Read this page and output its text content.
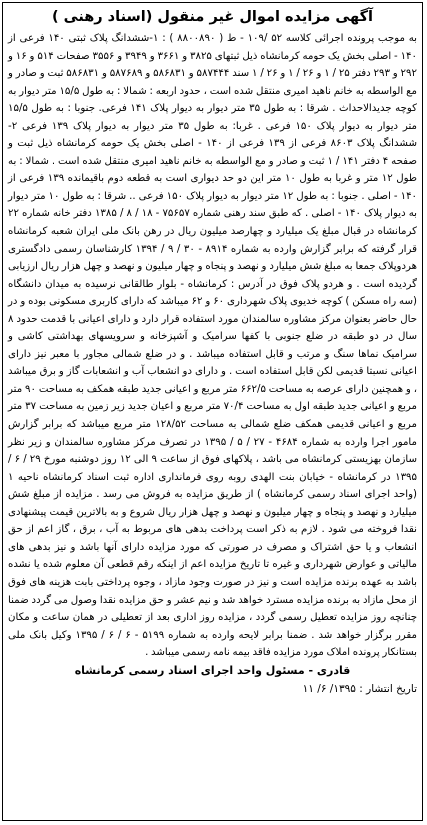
آگهی مزایده اموال غیر منقول (اسناد رهنی )

به موجب پرونده اجرائی کلاسه ۵۲ /۱۰۹ - ط ( ۸۸۰۰۸۹۰ ) : ۱-ششدانگ پلاک ثبتی ۱۴۰ فرعی از ۱۴۰ - اصلی بخش یک حومه کرمانشاه ذیل ثبتهای ۳۸۲۵ و ۳۶۶۱ و ۳۹۴۹ و ۳۵۵۶ صفحات ۵۱۴ و ۱۶ و ۲۹۲ و ۲۹۳ دفتر ۲۵ / ۱ و ۲۶ / ۱ و ۲۶ / ۱ سند ۵۸۷۴۴۴ و ۵۸۶۸۳۱ و ۵۸۷۶۸۹ و ۵۸۶۸۳۱ ثبت و صادر و مع الواسطه به خانم ناهید امیری منتقل شده است ، حدود اربعه : شمالا : به طول ۱۵/۵ متر دیوار به کوچه جدیدالاحداث . شرقا : به طول ۳۵ متر دیوار به دیوار پلاک ۱۴۱ فرعی. جنوبا : به طول ۱۵/۵ متر دیوار به دیوار پلاک ۱۵۰ فرعی . غربا: به طول ۳۵ متر دیوار به دیوار پلاک ۱۳۹ فرعی ۲- ششدانگ پلاک ۸۶۰۳ فرعی از ۱۳۹ فرعی از ۱۴۰ - اصلی بخش یک حومه کرمانشاه ذیل ثبت و صفحه ۴ دفتر ۱۴۱ / ۱ ثبت و صادر و مع الواسطه به خانم ناهید امیری منتقل شده است . شمالا : به طول ۱۲ متر و غربا به طول ۱۰ متر این دو حد دیواری است به قطعه دوم باقیمانده ۱۳۹ فرعی از ۱۴۰ - اصلی . جنوبا : به طول ۱۲ متر دیوار به دیوار پلاک ۱۵۰ فرعی .. شرقا : به طول ۱۰ متر دیوار به دیوار پلاک ۱۴۰ - اصلی . که طبق سند رهنی شماره ۷۵۶۵۷ - ۱۸ / ۸ / ۱۳۸۵ دفتر خانه شماره ۲۲ کرمانشاه در قبال مبلغ یک میلیارد و چهارصد میلیون ریال در رهن بانک ملی ایران شعبه کرمانشاه قرار گرفته که برابر گزارش وارده به شماره ۸۹۱۴ - ۳۰ / ۹ / ۱۳۹۴ کارشناسان رسمی دادگستری هردوپلاک جمعا به مبلغ شش میلیارد و نهصد و پنجاه و چهار میلیون و نهصد و چهل هزار ریال ارزیابی گردیده است . و هردو پلاک فوق در آدرس : کرمانشاه - بلوار طالقانی نرسیده به میدان دانشگاه (سه راه مسکن ) کوچه خدیوی پلاک شهرداری ۶۰ و ۶۲ میباشد که دارای کاربری مسکونی بوده و در حال حاضر بعنوان مرکز مشاوره سالمندان مورد استفاده قرار دارد و دارای اعیانی با قدمت حدود ۸ سال در دو طبقه در ضلع جنوبی با کفها سرامیک و آشپزخانه و سرویسهای بهداشتی کاشی و سرامیک نماها سنگ و مرتب و قابل استفاده میباشد . و در ضلع شمالی مجاور با معبر نیز دارای اعیانی نسبتا قدیمی لکن قابل استفاده است . و دارای دو انشعاب آب و انشعابات گاز و برق میباشد ، و همچنین دارای عرصه به مساحت ۶۶۲/۵ متر مربع و اعیانی جدید طبقه همکف به مساحت ۹۰ متر مربع و اعیانی جدید طبقه اول به مساحت ۷۰/۴ متر مربع و اعیان جدید زیر زمین به مساحت ۳۷ متر مربع و اعیانی قدیمی همکف ضلع شمالی به مساحت ۱۲۸/۵۲ متر مربع میباشد که برابر گزارش مامور اجرا وارده به شماره ۴۶۸۴ - ۲۷ / ۵ / ۱۳۹۵ در تصرف مرکز مشاوره سالمندان و زیر نظر سازمان بهزیستی کرمانشاه می باشد ، پلاکهای فوق از ساعت ۹ الی ۱۲ روز دوشنبه مورخ ۲۹ / ۶ / ۱۳۹۵ در کرمانشاه - خیابان بنت الهدی روبه روی فرمانداری اداره ثبت اسناد کرمانشاه ناحیه ۱ (واحد اجرای اسناد رسمی کرمانشاه ) از طریق مزایده به فروش می رسد . مزایده از مبلغ شش میلیارد و نهصد و پنجاه و چهار میلیون و نهصد و چهل هزار ریال شروع و به بالاترین قیمت پیشنهادی نقدا فروخته می شود . لازم به ذکر است پرداخت بدهی های مربوط به آب ، برق ، گاز اعم از حق انشعاب و یا حق اشتراک و مصرف در صورتی که مورد مزایده دارای آنها باشد و نیز بدهی های مالیاتی و عوارض شهرداری و غیره تا تاریخ مزایده اعم از اینکه رقم قطعی آن معلوم شده یا نشده باشد به عهده برنده مزایده است و نیز در صورت وجود مازاد ، وجوه پرداختی بابت هزینه های فوق از محل مازاد به برنده مزایده مسترد خواهد شد و نیم عشر و حق مزایده نقدا وصول می گردد ضمنا چنانچه روز مزایده تعطیل رسمی گردد ، مزایده روز اداری بعد از تعطیلی در همان ساعت و مکان مقرر برگزار خواهد شد . ضمنا برابر لایحه وارده به شماره ۵۱۹۹ - ۶ / ۶ / ۱۳۹۵ وکیل بانک ملی بستانکار پرونده املاک مورد مزایده فاقد بیمه نامه رسمی میباشد .

قادری - مسئول واحد اجرای اسناد رسمی کرمانشاه
تاریخ انتشار : ۱۳۹۵/ ۶/ ۱۱
